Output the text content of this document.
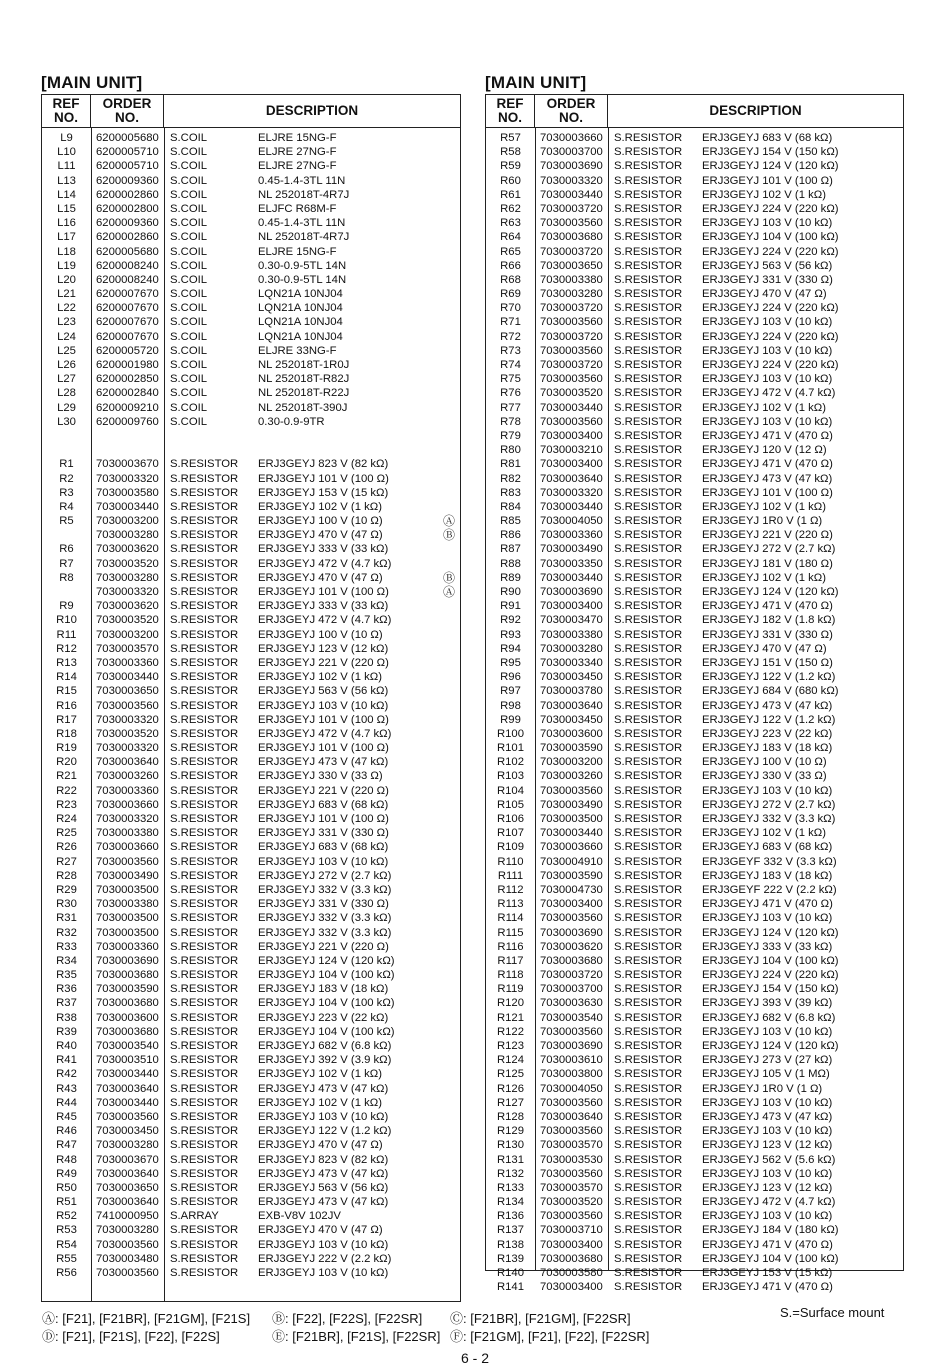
[MAIN UNIT]
REF
NO.
ORDER
NO.	DESCRIPTION
L9	6200005680 S.COIL	ELJRE 15NG-F
L10	6200005710 S.COIL	ELJRE 27NG-F
L11	6200005710 S.COIL	ELJRE 27NG-F
L13	6200009360 S.COIL	0.45-1.4-3TL 11N
L14	6200002860 S.COIL	NL 252018T-4R7J
L15	6200002800 S.COIL	ELJFC R68M-F
L16	6200009360 S.COIL	0.45-1.4-3TL 11N
L17	6200002860 S.COIL	NL 252018T-4R7J
L18	6200005680 S.COIL	ELJRE 15NG-F
L19	6200008240 S.COIL	0.30-0.9-5TL 14N
L20	6200008240 S.COIL	0.30-0.9-5TL 14N
L21	6200007670 S.COIL	LQN21A 10NJ04
L22	6200007670 S.COIL	LQN21A 10NJ04
L23	6200007670 S.COIL	LQN21A 10NJ04
L24	6200007670 S.COIL	LQN21A 10NJ04
L25	6200005720 S.COIL	ELJRE 33NG-F
L26	6200001980 S.COIL	NL 252018T-1R0J
L27	6200002850 S.COIL	NL 252018T-R82J
L28	6200002840 S.COIL	NL 252018T-R22J
L29	6200009210 S.COIL	NL 252018T-390J
L30	6200009760 S.COIL	0.30-0.9-9TR
R1	7030003670 S.RESISTOR	ERJ3GEYJ 823 V (82 kΩ)
R2	7030003320 S.RESISTOR	ERJ3GEYJ 101 V (100 Ω)
R3	7030003580 S.RESISTOR	ERJ3GEYJ 153 V (15 kΩ)
R4	7030003440 S.RESISTOR	ERJ3GEYJ 102 V (1 kΩ)
R5	7030003200 S.RESISTOR	ERJ3GEYJ 100 V (10 Ω)	Ⓐ
7030003280 S.RESISTOR	ERJ3GEYJ 470 V (47 Ω)	Ⓑ
R6	7030003620 S.RESISTOR	ERJ3GEYJ 333 V (33 kΩ)
R7	7030003520 S.RESISTOR	ERJ3GEYJ 472 V (4.7 kΩ)
R8	7030003280 S.RESISTOR	ERJ3GEYJ 470 V (47 Ω)	Ⓑ
7030003320 S.RESISTOR	ERJ3GEYJ 101 V (100 Ω)	Ⓐ
R9	7030003620 S.RESISTOR	ERJ3GEYJ 333 V (33 kΩ)
R10	7030003520 S.RESISTOR	ERJ3GEYJ 472 V (4.7 kΩ)
R11	7030003200 S.RESISTOR	ERJ3GEYJ 100 V (10 Ω)
R12	7030003570 S.RESISTOR	ERJ3GEYJ 123 V (12 kΩ)
R13	7030003360 S.RESISTOR	ERJ3GEYJ 221 V (220 Ω)
R14	7030003440 S.RESISTOR	ERJ3GEYJ 102 V (1 kΩ)
R15	7030003650 S.RESISTOR	ERJ3GEYJ 563 V (56 kΩ)
R16	7030003560 S.RESISTOR	ERJ3GEYJ 103 V (10 kΩ)
R17	7030003320 S.RESISTOR	ERJ3GEYJ 101 V (100 Ω)
R18	7030003520 S.RESISTOR	ERJ3GEYJ 472 V (4.7 kΩ)
R19	7030003320 S.RESISTOR	ERJ3GEYJ 101 V (100 Ω)
R20	7030003640 S.RESISTOR	ERJ3GEYJ 473 V (47 kΩ)
R21	7030003260 S.RESISTOR	ERJ3GEYJ 330 V (33 Ω)
R22	7030003360 S.RESISTOR	ERJ3GEYJ 221 V (220 Ω)
R23	7030003660 S.RESISTOR	ERJ3GEYJ 683 V (68 kΩ)
R24	7030003320 S.RESISTOR	ERJ3GEYJ 101 V (100 Ω)
R25	7030003380 S.RESISTOR	ERJ3GEYJ 331 V (330 Ω)
R26	7030003660 S.RESISTOR	ERJ3GEYJ 683 V (68 kΩ)
R27	7030003560 S.RESISTOR	ERJ3GEYJ 103 V (10 kΩ)
R28	7030003490 S.RESISTOR	ERJ3GEYJ 272 V (2.7 kΩ)
R29	7030003500 S.RESISTOR	ERJ3GEYJ 332 V (3.3 kΩ)
R30	7030003380 S.RESISTOR	ERJ3GEYJ 331 V (330 Ω)
R31	7030003500 S.RESISTOR	ERJ3GEYJ 332 V (3.3 kΩ)
R32	7030003500 S.RESISTOR	ERJ3GEYJ 332 V (3.3 kΩ)
R33	7030003360 S.RESISTOR	ERJ3GEYJ 221 V (220 Ω)
R34	7030003690 S.RESISTOR	ERJ3GEYJ 124 V (120 kΩ)
R35	7030003680 S.RESISTOR	ERJ3GEYJ 104 V (100 kΩ)
R36	7030003590 S.RESISTOR	ERJ3GEYJ 183 V (18 kΩ)
R37	7030003680 S.RESISTOR	ERJ3GEYJ 104 V (100 kΩ)
R38	7030003600 S.RESISTOR	ERJ3GEYJ 223 V (22 kΩ)
R39	7030003680 S.RESISTOR	ERJ3GEYJ 104 V (100 kΩ)
R40	7030003540 S.RESISTOR	ERJ3GEYJ 682 V (6.8 kΩ)
R41	7030003510 S.RESISTOR	ERJ3GEYJ 392 V (3.9 kΩ)
R42	7030003440 S.RESISTOR	ERJ3GEYJ 102 V (1 kΩ)
R43	7030003640 S.RESISTOR	ERJ3GEYJ 473 V (47 kΩ)
R44	7030003440 S.RESISTOR	ERJ3GEYJ 102 V (1 kΩ)
R45	7030003560 S.RESISTOR	ERJ3GEYJ 103 V (10 kΩ)
R46	7030003450 S.RESISTOR	ERJ3GEYJ 122 V (1.2 kΩ)
R47	7030003280 S.RESISTOR	ERJ3GEYJ 470 V (47 Ω)
R48	7030003670 S.RESISTOR	ERJ3GEYJ 823 V (82 kΩ)
R49	7030003640 S.RESISTOR	ERJ3GEYJ 473 V (47 kΩ)
R50	7030003650 S.RESISTOR	ERJ3GEYJ 563 V (56 kΩ)
R51	7030003640 S.RESISTOR	ERJ3GEYJ 473 V (47 kΩ)
R52	7410000950 S.ARRAY	EXB-V8V 102JV
R53	7030003280 S.RESISTOR	ERJ3GEYJ 470 V (47 Ω)
R54	7030003560 S.RESISTOR	ERJ3GEYJ 103 V (10 kΩ)
R55	7030003480 S.RESISTOR	ERJ3GEYJ 222 V (2.2 kΩ)
R56	7030003560 S.RESISTOR	ERJ3GEYJ 103 V (10 kΩ)
[MAIN UNIT]
REF
NO.
ORDER
NO.	DESCRIPTION
R57	7030003660 S.RESISTOR	ERJ3GEYJ 683 V (68 kΩ)
R58	7030003700 S.RESISTOR	ERJ3GEYJ 154 V (150 kΩ)
R59	7030003690 S.RESISTOR	ERJ3GEYJ 124 V (120 kΩ)
R60	7030003320 S.RESISTOR	ERJ3GEYJ 101 V (100 Ω)
R61	7030003440 S.RESISTOR	ERJ3GEYJ 102 V (1 kΩ)
R62	7030003720 S.RESISTOR	ERJ3GEYJ 224 V (220 kΩ)
R63	7030003560 S.RESISTOR	ERJ3GEYJ 103 V (10 kΩ)
R64	7030003680 S.RESISTOR	ERJ3GEYJ 104 V (100 kΩ)
R65	7030003720 S.RESISTOR	ERJ3GEYJ 224 V (220 kΩ)
R66	7030003650 S.RESISTOR	ERJ3GEYJ 563 V (56 kΩ)
R68	7030003380 S.RESISTOR	ERJ3GEYJ 331 V (330 Ω)
R69	7030003280 S.RESISTOR	ERJ3GEYJ 470 V (47 Ω)
R70	7030003720 S.RESISTOR	ERJ3GEYJ 224 V (220 kΩ)
R71	7030003560 S.RESISTOR	ERJ3GEYJ 103 V (10 kΩ)
R72	7030003720 S.RESISTOR	ERJ3GEYJ 224 V (220 kΩ)
R73	7030003560 S.RESISTOR	ERJ3GEYJ 103 V (10 kΩ)
R74	7030003720 S.RESISTOR	ERJ3GEYJ 224 V (220 kΩ)
R75	7030003560 S.RESISTOR	ERJ3GEYJ 103 V (10 kΩ)
R76	7030003520 S.RESISTOR	ERJ3GEYJ 472 V (4.7 kΩ)
R77	7030003440 S.RESISTOR	ERJ3GEYJ 102 V (1 kΩ)
R78	7030003560 S.RESISTOR	ERJ3GEYJ 103 V (10 kΩ)
R79	7030003400 S.RESISTOR	ERJ3GEYJ 471 V (470 Ω)
R80	7030003210 S.RESISTOR	ERJ3GEYJ 120 V (12 Ω)
R81	7030003400 S.RESISTOR	ERJ3GEYJ 471 V (470 Ω)
R82	7030003640 S.RESISTOR	ERJ3GEYJ 473 V (47 kΩ)
R83	7030003320 S.RESISTOR	ERJ3GEYJ 101 V (100 Ω)
R84	7030003440 S.RESISTOR	ERJ3GEYJ 102 V (1 kΩ)
R85	7030004050 S.RESISTOR	ERJ3GEYJ 1R0 V (1 Ω)
R86	7030003360 S.RESISTOR	ERJ3GEYJ 221 V (220 Ω)
R87	7030003490 S.RESISTOR	ERJ3GEYJ 272 V (2.7 kΩ)
R88	7030003350 S.RESISTOR	ERJ3GEYJ 181 V (180 Ω)
R89	7030003440 S.RESISTOR	ERJ3GEYJ 102 V (1 kΩ)
R90	7030003690 S.RESISTOR	ERJ3GEYJ 124 V (120 kΩ)
R91	7030003400 S.RESISTOR	ERJ3GEYJ 471 V (470 Ω)
R92	7030003470 S.RESISTOR	ERJ3GEYJ 182 V (1.8 kΩ)
R93	7030003380 S.RESISTOR	ERJ3GEYJ 331 V (330 Ω)
R94	7030003280 S.RESISTOR	ERJ3GEYJ 470 V (47 Ω)
R95	7030003340 S.RESISTOR	ERJ3GEYJ 151 V (150 Ω)
R96	7030003450 S.RESISTOR	ERJ3GEYJ 122 V (1.2 kΩ)
R97	7030003780 S.RESISTOR	ERJ3GEYJ 684 V (680 kΩ)
R98	7030003640 S.RESISTOR	ERJ3GEYJ 473 V (47 kΩ)
R99	7030003450 S.RESISTOR	ERJ3GEYJ 122 V (1.2 kΩ)
R100	7030003600 S.RESISTOR	ERJ3GEYJ 223 V (22 kΩ)
R101	7030003590 S.RESISTOR	ERJ3GEYJ 183 V (18 kΩ)
R102	7030003200 S.RESISTOR	ERJ3GEYJ 100 V (10 Ω)
R103	7030003260 S.RESISTOR	ERJ3GEYJ 330 V (33 Ω)
R104	7030003560 S.RESISTOR	ERJ3GEYJ 103 V (10 kΩ)
R105	7030003490 S.RESISTOR	ERJ3GEYJ 272 V (2.7 kΩ)
R106	7030003500 S.RESISTOR	ERJ3GEYJ 332 V (3.3 kΩ)
R107	7030003440 S.RESISTOR	ERJ3GEYJ 102 V (1 kΩ)
R109	7030003660 S.RESISTOR	ERJ3GEYJ 683 V (68 kΩ)
R110	7030004910 S.RESISTOR	ERJ3GEYF 332 V (3.3 kΩ)
R111	7030003590 S.RESISTOR	ERJ3GEYJ 183 V (18 kΩ)
R112	7030004730 S.RESISTOR	ERJ3GEYF 222 V (2.2 kΩ)
R113	7030003400 S.RESISTOR	ERJ3GEYJ 471 V (470 Ω)
R114	7030003560 S.RESISTOR	ERJ3GEYJ 103 V (10 kΩ)
R115	7030003690 S.RESISTOR	ERJ3GEYJ 124 V (120 kΩ)
R116	7030003620 S.RESISTOR	ERJ3GEYJ 333 V (33 kΩ)
R117	7030003680 S.RESISTOR	ERJ3GEYJ 104 V (100 kΩ)
R118	7030003720 S.RESISTOR	ERJ3GEYJ 224 V (220 kΩ)
R119	7030003700 S.RESISTOR	ERJ3GEYJ 154 V (150 kΩ)
R120	7030003630 S.RESISTOR	ERJ3GEYJ 393 V (39 kΩ)
R121	7030003540 S.RESISTOR	ERJ3GEYJ 682 V (6.8 kΩ)
R122	7030003560 S.RESISTOR	ERJ3GEYJ 103 V (10 kΩ)
R123	7030003690 S.RESISTOR	ERJ3GEYJ 124 V (120 kΩ)
R124	7030003610 S.RESISTOR	ERJ3GEYJ 273 V (27 kΩ)
R125	7030003800 S.RESISTOR	ERJ3GEYJ 105 V (1 MΩ)
R126	7030004050 S.RESISTOR	ERJ3GEYJ 1R0 V (1 Ω)
R127	7030003560 S.RESISTOR	ERJ3GEYJ 103 V (10 kΩ)
R128	7030003640 S.RESISTOR	ERJ3GEYJ 473 V (47 kΩ)
R129	7030003560 S.RESISTOR	ERJ3GEYJ 103 V (10 kΩ)
R130	7030003570 S.RESISTOR	ERJ3GEYJ 123 V (12 kΩ)
R131	7030003530 S.RESISTOR	ERJ3GEYJ 562 V (5.6 kΩ)
R132	7030003560 S.RESISTOR	ERJ3GEYJ 103 V (10 kΩ)
R133	7030003570 S.RESISTOR	ERJ3GEYJ 123 V (12 kΩ)
R134	7030003520 S.RESISTOR	ERJ3GEYJ 472 V (4.7 kΩ)
R136	7030003560 S.RESISTOR	ERJ3GEYJ 103 V (10 kΩ)
R137	7030003710 S.RESISTOR	ERJ3GEYJ 184 V (180 kΩ)
R138	7030003400 S.RESISTOR	ERJ3GEYJ 471 V (470 Ω)
R139	7030003680 S.RESISTOR	ERJ3GEYJ 104 V (100 kΩ)
R140	7030003580 S.RESISTOR	ERJ3GEYJ 153 V (15 kΩ)
R141	7030003400 S.RESISTOR	ERJ3GEYJ 471 V (470 Ω)
Ⓐ: [F21], [F21BR], [F21GM], [F21S] Ⓑ: [F22], [F22S], [F22SR] Ⓒ: [F21BR], [F21GM], [F22SR]	S.=Surface mount
Ⓓ: [F21], [F21S], [F22], [F22S]	Ⓔ: [F21BR], [F21S], [F22SR] Ⓕ: [F21GM], [F21], [F22], [F22SR]
6 - 2
